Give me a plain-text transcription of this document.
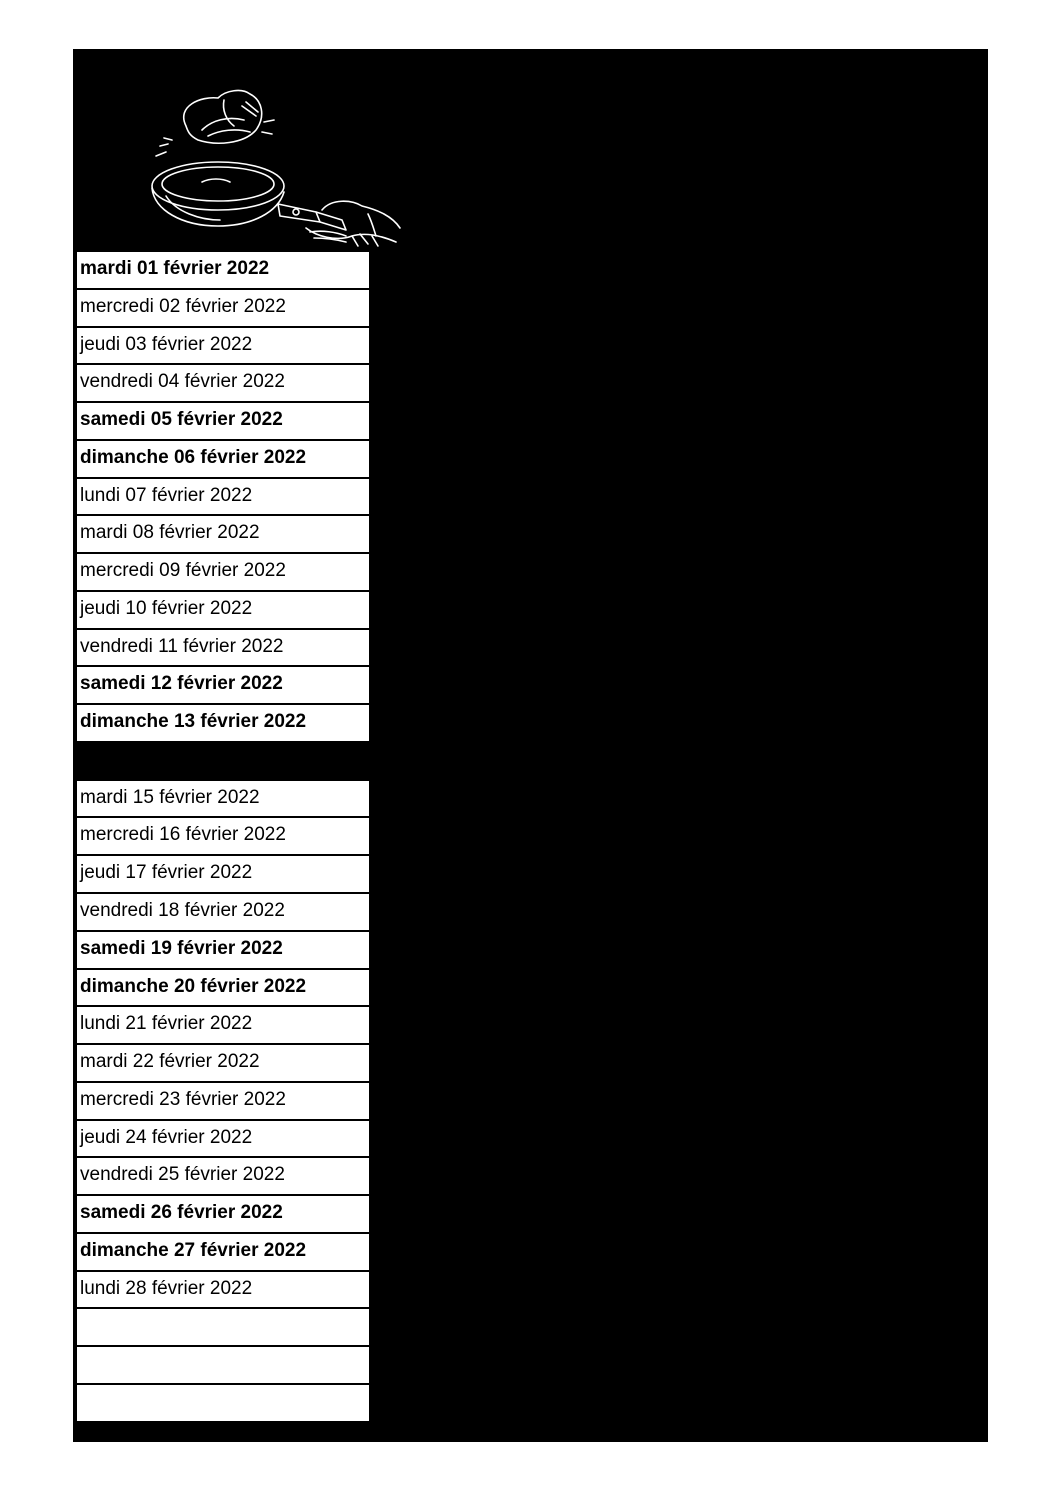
mardi 01 février 2022
mercredi 02 février 2022
jeudi 03 février 2022
vendredi 04 février 2022
samedi 05 février 2022
dimanche 06 février 2022
lundi 07 février 2022
mardi 08 février 2022
mercredi 09 février 2022
jeudi 10 février 2022
vendredi 11 février 2022
samedi 12 février 2022
dimanche 13 février 2022
mardi 15 février 2022
mercredi 16 février 2022
jeudi 17 février 2022
vendredi 18 février 2022
samedi 19 février 2022
dimanche 20 février 2022
lundi 21 février 2022
mardi 22 février 2022
mercredi 23 février 2022
jeudi 24 février 2022
vendredi 25 février 2022
samedi 26 février 2022
dimanche 27 février 2022
lundi 28 février 2022
